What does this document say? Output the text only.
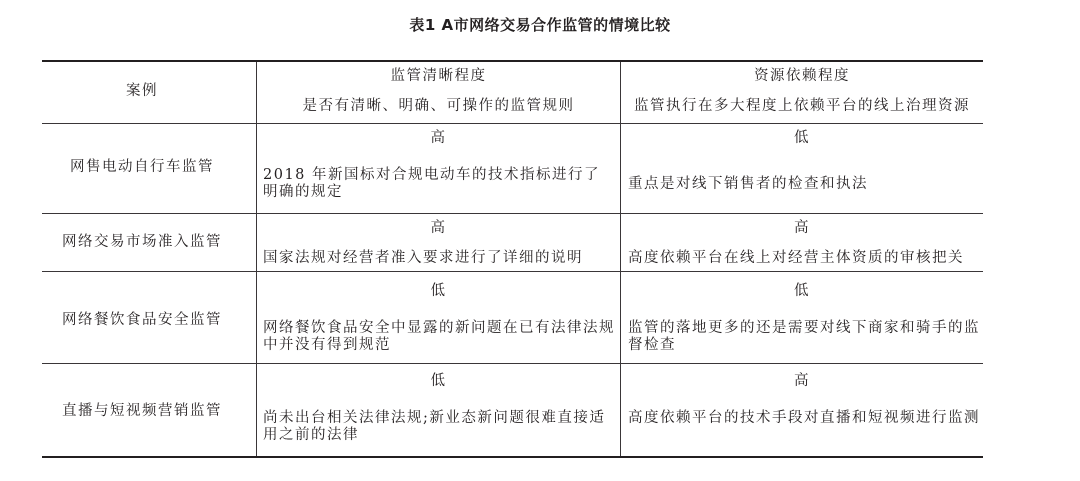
表1 A市网络交易合作监管的情境比较
案例
监管清晰程度
是否有清晰、明确、可操作的监管规则
资源依赖程度
监管执行在多大程度上依赖平台的线上治理资源
网售电动自行车监管
高
2018 年新国标对合规电动车的技术指标进行了明确的规定
低
重点是对线下销售者的检查和执法
网络交易市场准入监管
高
国家法规对经营者准入要求进行了详细的说明
高
高度依赖平台在线上对经营主体资质的审核把关
网络餐饮食品安全监管
低
网络餐饮食品安全中显露的新问题在已有法律法规中并没有得到规范
低
监管的落地更多的还是需要对线下商家和骑手的监督检查
直播与短视频营销监管
低
尚未出台相关法律法规;新业态新问题很难直接适用之前的法律
高
高度依赖平台的技术手段对直播和短视频进行监测
